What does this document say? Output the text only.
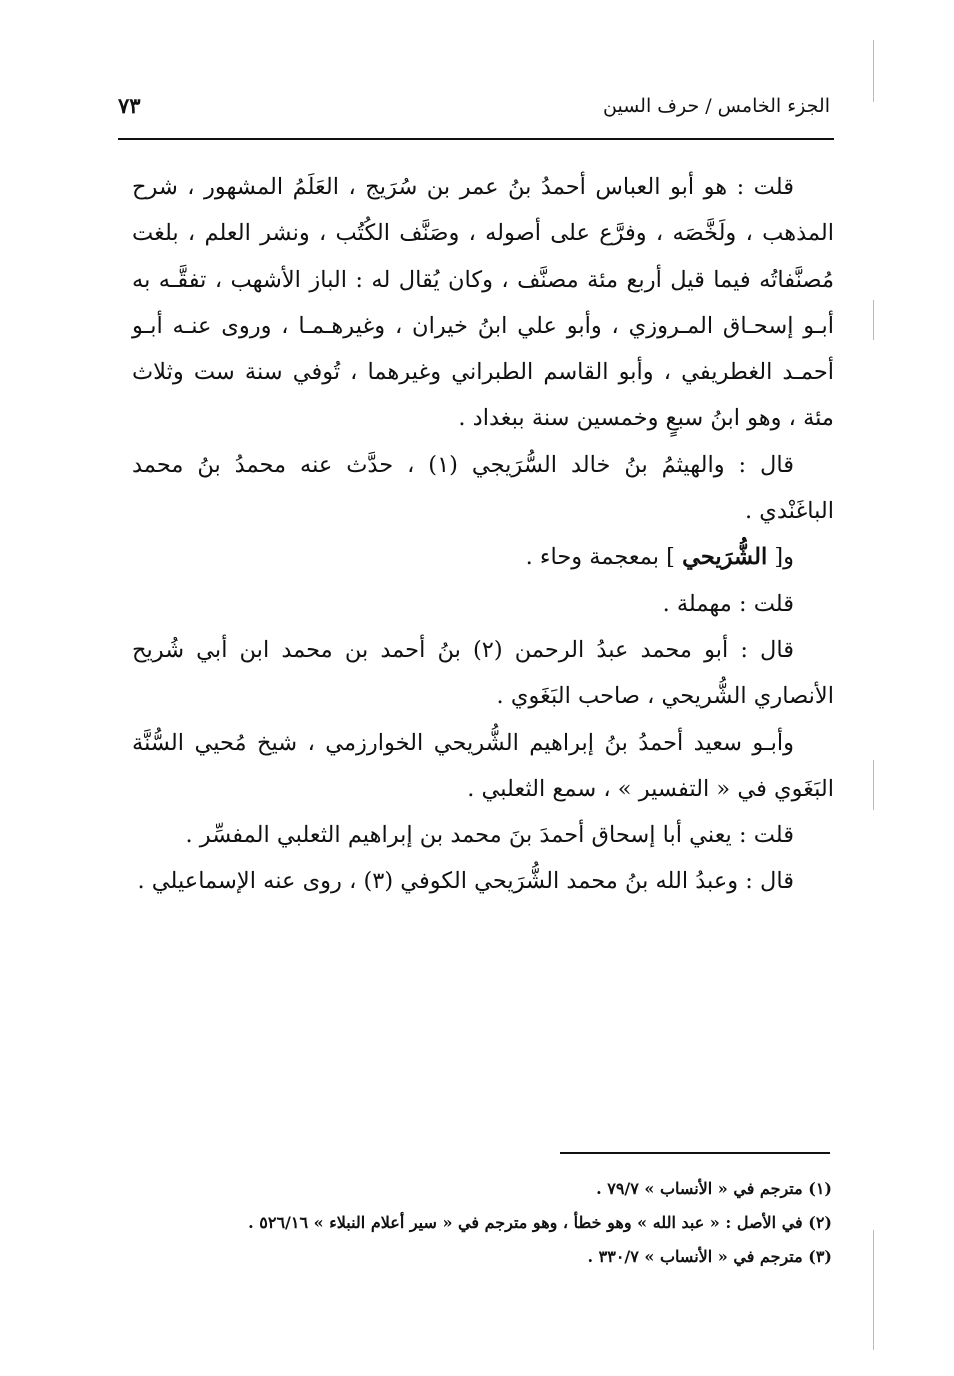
الجزء الخامس / حرف السين
٧٣

قلت : هو أبو العباس أحمدُ بنُ عمر بن سُرَيج ، العَلَمُ المشهور ، شرح المذهب ، ولَخَّصَه ، وفرَّع على أصوله ، وصَنَّف الكُتُب ، ونشر العلم ، بلغت مُصنَّفاتُه فيما قيل أربع مئة مصنَّف ، وكان يُقال له : الباز الأشهب ، تفقَّـه به أبـو إسحـاق المـروزي ، وأبو علي ابنُ خيران ، وغيرهـمـا ، وروى عنـه أبـو أحمـد الغطريفي ، وأبو القاسم الطبراني وغيرهما ، تُوفي سنة ست وثلاث مئة ، وهو ابنُ سبعٍ وخمسين سنة ببغداد .

قال : والهيثمُ بنُ خالد السُّرَيجي (١) ، حدَّث عنه محمدُ بنُ محمد الباغَنْدي .

و[ الشُّرَيحي ] بمعجمة وحاء .

قلت : مهملة .

قال : أبو محمد عبدُ الرحمن (٢) بنُ أحمد بن محمد ابن أبي شُريح الأنصاري الشُّريحي ، صاحب البَغَوي .

وأبـو سعيد أحمدُ بنُ إبراهيم الشُّريحي الخوارزمي ، شيخ مُحيي السُّنَّة البَغَوي في « التفسير » ، سمع الثعلبي .

قلت : يعني أبا إسحاق أحمدَ بنَ محمد بن إبراهيم الثعلبي المفسِّر .

قال : وعبدُ الله بنُ محمد الشُّرَيحي الكوفي (٣) ، روى عنه الإسماعيلي .

(١) مترجم في « الأنساب » ٧٩/٧ .

(٢) في الأصل : « عبد الله » وهو خطأ ، وهو مترجم في « سير أعلام النبلاء » ٥٢٦/١٦ .

(٣) مترجم في « الأنساب » ٣٣٠/٧ .
